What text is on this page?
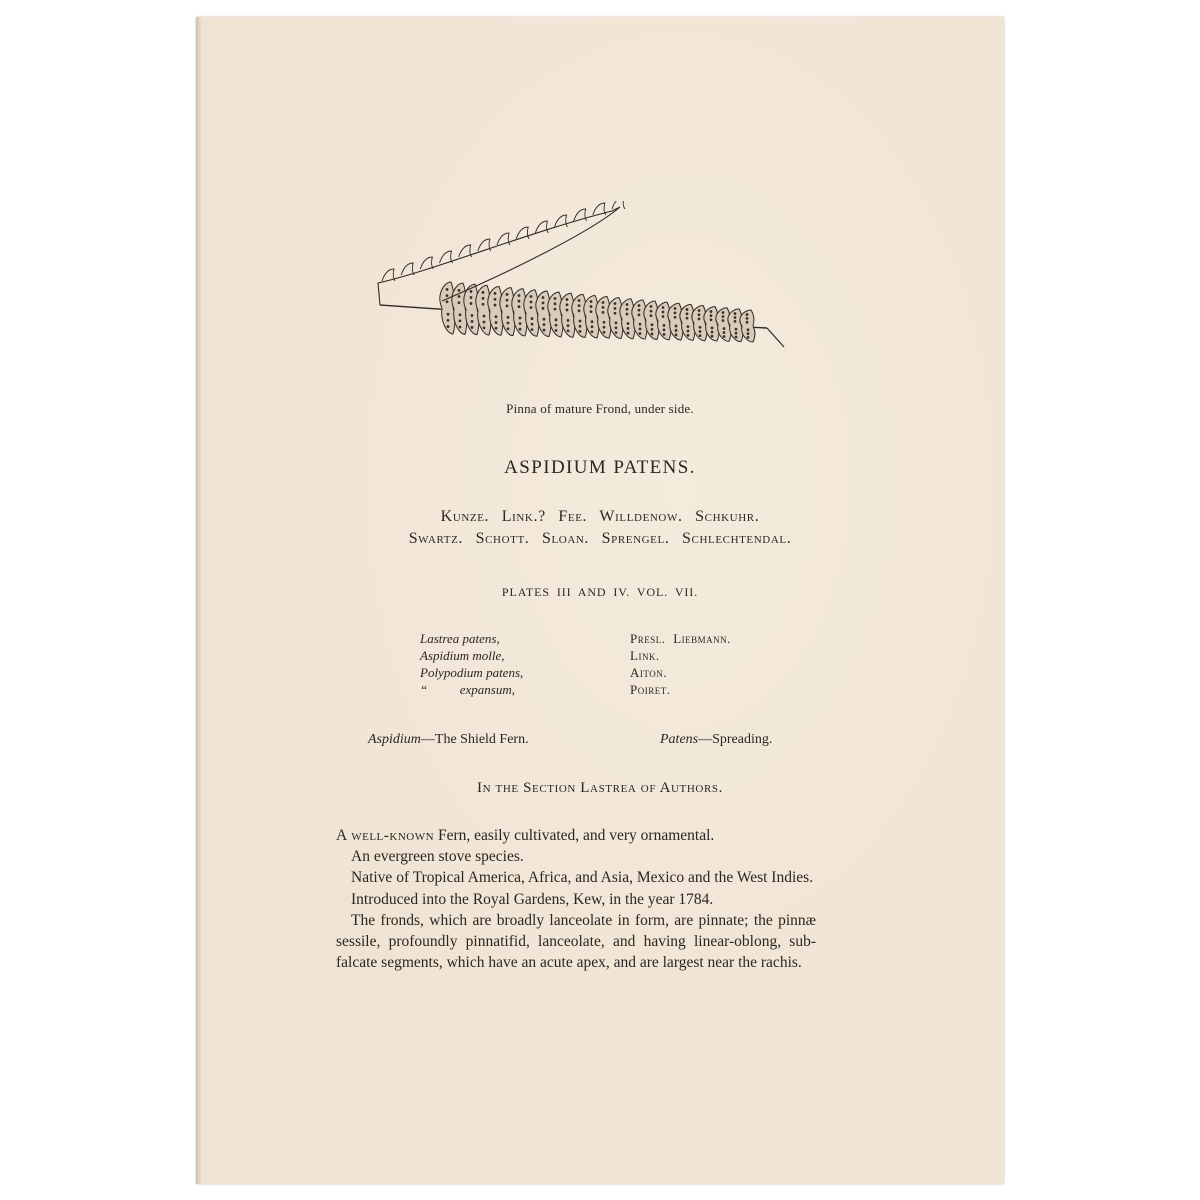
Pinna of mature Frond, under side.
ASPIDIUM PATENS.
Kunze. Link.? Fee. Willdenow. Schkuhr.
Swartz. Schott. Sloan. Sprengel. Schlechtendal.
PLATES III AND IV. VOL. VII.
Lastrea patens,	Presl. Liebmann.
Aspidium molle,	Link.
Polypodium patens,	Aiton.
“          expansum,	Poiret.
Aspidium—The Shield Fern.	Patens—Spreading.
In the Section Lastrea of Authors.

A well-known Fern, easily cultivated, and very ornamental.

An evergreen stove species.

Native of Tropical America, Africa, and Asia, Mexico and the West Indies.

Introduced into the Royal Gardens, Kew, in the year 1784.

The fronds, which are broadly lanceolate in form, are pinnate; the pinnæ sessile, profoundly pinnatifid, lanceolate, and having linear-oblong, sub-falcate segments, which have an acute apex, and are largest near the rachis.
